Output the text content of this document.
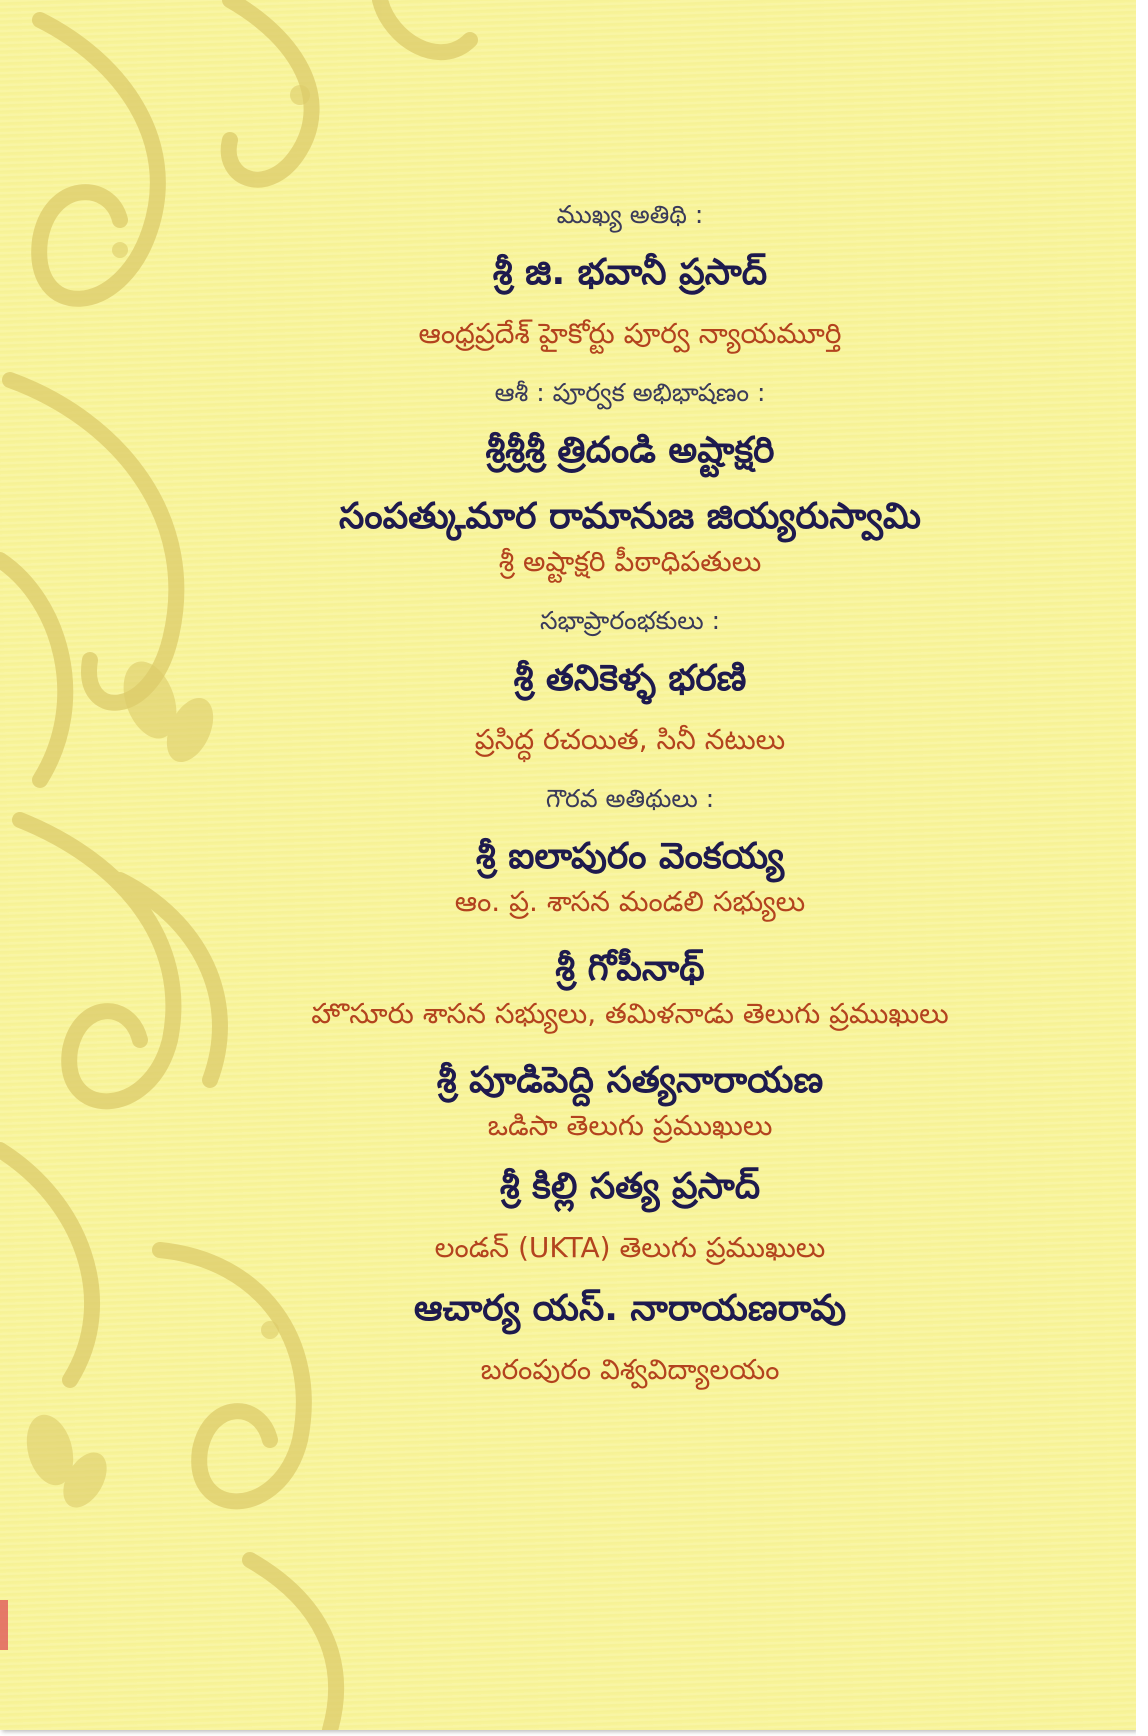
ముఖ్య అతిథి :
శ్రీ జి. భవానీ ప్రసాద్
ఆంధ్రప్రదేశ్ హైకోర్టు పూర్వ న్యాయమూర్తి
ఆశీ : పూర్వక అభిభాషణం :
శ్రీశ్రీశ్రీ త్రిదండి అష్టాక్షరి
సంపత్కుమార రామానుజ జియ్యరుస్వామి
శ్రీ అష్టాక్షరి పీఠాధిపతులు
సభాప్రారంభకులు :
శ్రీ తనికెళ్ళ భరణి
ప్రసిద్ధ రచయిత, సినీ నటులు
గౌరవ అతిథులు :
శ్రీ ఐలాపురం వెంకయ్య
ఆం. ప్ర. శాసన మండలి సభ్యులు
శ్రీ గోపీనాథ్
హొసూరు శాసన సభ్యులు, తమిళనాడు తెలుగు ప్రముఖులు
శ్రీ పూడిపెద్ది సత్యనారాయణ
ఒడిసా తెలుగు ప్రముఖులు
శ్రీ కిల్లి సత్య ప్రసాద్
లండన్ (UKTA) తెలుగు ప్రముఖులు
ఆచార్య యస్. నారాయణరావు
బరంపురం విశ్వవిద్యాలయం
